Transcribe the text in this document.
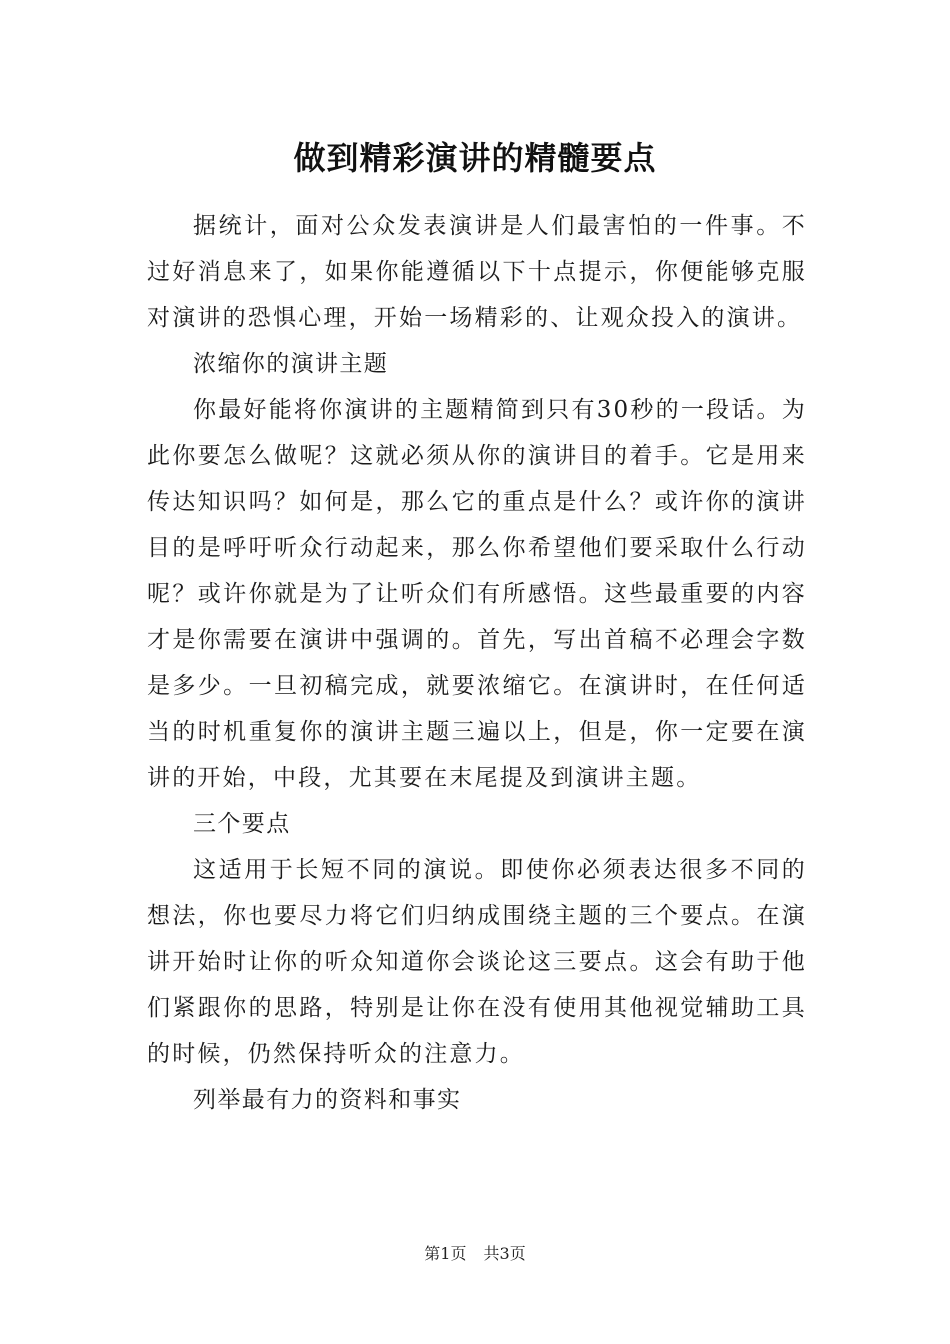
做到精彩演讲的精髓要点

据统计，面对公众发表演讲是人们最害怕的一件事。不过好消息来了，如果你能遵循以下十点提示，你便能够克服对演讲的恐惧心理，开始一场精彩的、让观众投入的演讲。

浓缩你的演讲主题

你最好能将你演讲的主题精简到只有30秒的一段话。为此你要怎么做呢？这就必须从你的演讲目的着手。它是用来传达知识吗？如何是，那么它的重点是什么？或许你的演讲目的是呼吁听众行动起来，那么你希望他们要采取什么行动呢？或许你就是为了让听众们有所感悟。这些最重要的内容才是你需要在演讲中强调的。首先，写出首稿不必理会字数是多少。一旦初稿完成，就要浓缩它。在演讲时，在任何适当的时机重复你的演讲主题三遍以上，但是，你一定要在演讲的开始，中段，尤其要在末尾提及到演讲主题。

三个要点

这适用于长短不同的演说。即使你必须表达很多不同的想法，你也要尽力将它们归纳成围绕主题的三个要点。在演讲开始时让你的听众知道你会谈论这三要点。这会有助于他们紧跟你的思路，特别是让你在没有使用其他视觉辅助工具的时候，仍然保持听众的注意力。

列举最有力的资料和事实

第1页 共3页
